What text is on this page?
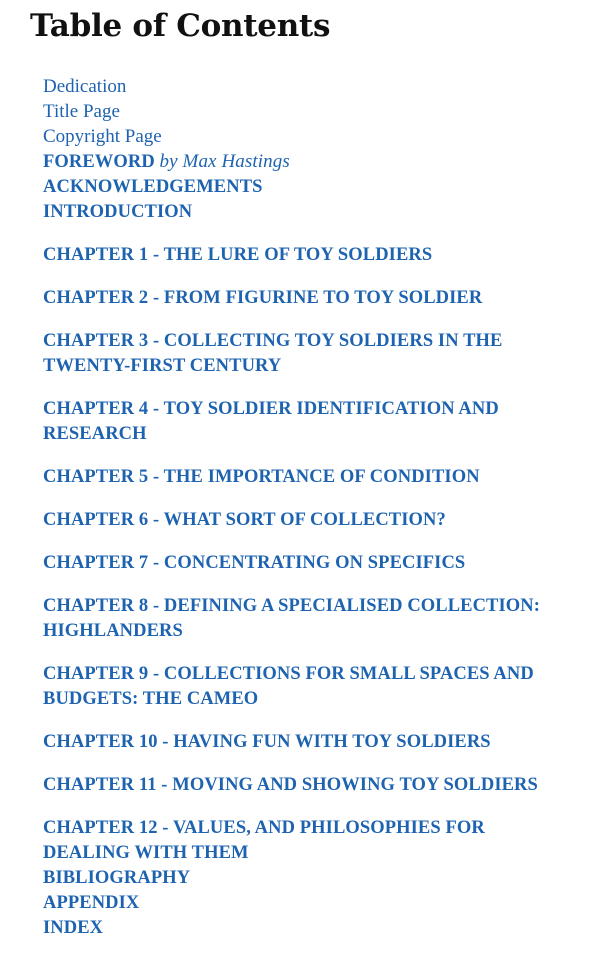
Table of Contents
Dedication
Title Page
Copyright Page
FOREWORD by Max Hastings
ACKNOWLEDGEMENTS
INTRODUCTION
CHAPTER 1 - THE LURE OF TOY SOLDIERS
CHAPTER 2 - FROM FIGURINE TO TOY SOLDIER
CHAPTER 3 - COLLECTING TOY SOLDIERS IN THE TWENTY-FIRST CENTURY
CHAPTER 4 - TOY SOLDIER IDENTIFICATION AND RESEARCH
CHAPTER 5 - THE IMPORTANCE OF CONDITION
CHAPTER 6 - WHAT SORT OF COLLECTION?
CHAPTER 7 - CONCENTRATING ON SPECIFICS
CHAPTER 8 - DEFINING A SPECIALISED COLLECTION: HIGHLANDERS
CHAPTER 9 - COLLECTIONS FOR SMALL SPACES AND BUDGETS: THE CAMEO
CHAPTER 10 - HAVING FUN WITH TOY SOLDIERS
CHAPTER 11 - MOVING AND SHOWING TOY SOLDIERS
CHAPTER 12 - VALUES, AND PHILOSOPHIES FOR DEALING WITH THEM
BIBLIOGRAPHY
APPENDIX
INDEX
